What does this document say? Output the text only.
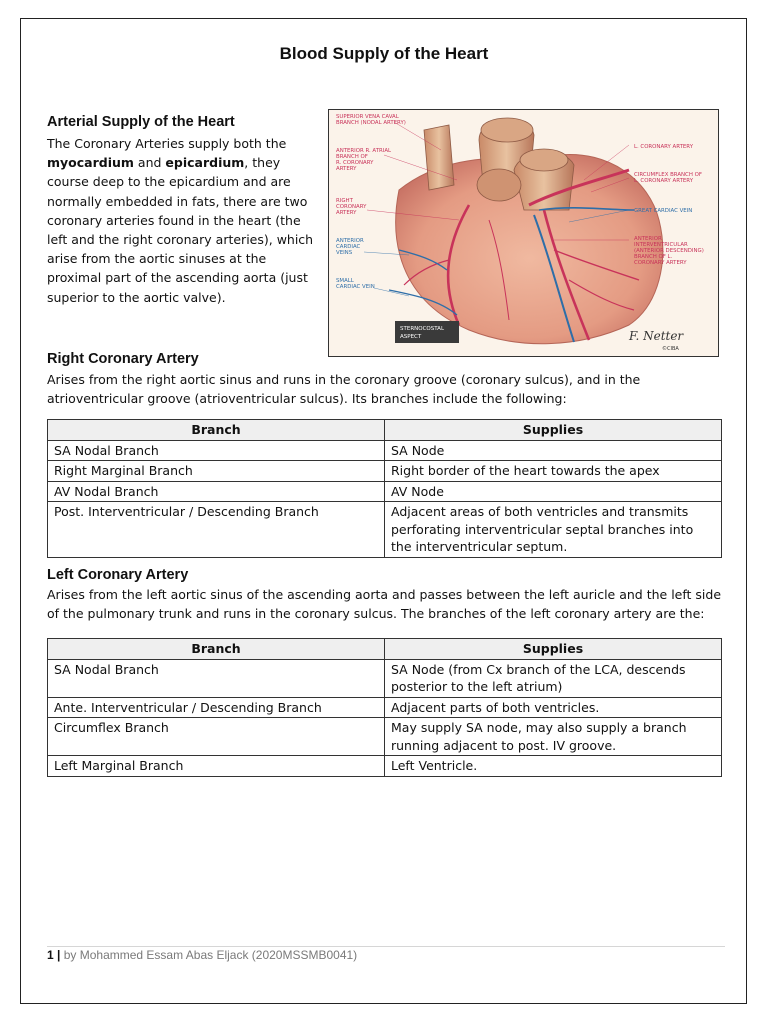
Blood Supply of the Heart
Arterial Supply of the Heart

The Coronary Arteries supply both the
myocardium and epicardium, they course deep to the epicardium and are normally embedded in fats, there are two coronary arteries found in the heart (the left and the right coronary arteries), which arise from the aortic sinuses at the proximal part of the ascending aorta (just superior to the aortic valve).

SUPERIOR VENA CAVAL
BRANCH (NODAL ARTERY)
ANTERIOR R. ATRIAL
BRANCH OF
R. CORONARY
ARTERY
RIGHT
CORONARY
ARTERY
ANTERIOR
CARDIAC
VEINS
SMALL
CARDIAC VEIN
L. CORONARY ARTERY
CIRCUMFLEX BRANCH OF
L. CORONARY ARTERY
GREAT CARDIAC VEIN
ANTERIOR
INTERVENTRICULAR
(ANTERIOR DESCENDING)
BRANCH OF L.
CORONARY ARTERY
STERNOCOSTAL
ASPECT	F. Netter
©CIBA
Right Coronary Artery

Arises from the right aortic sinus and runs in the coronary groove (coronary sulcus), and in the atrioventricular groove (atrioventricular sulcus). Its branches include the following:

Branch	Supplies
SA Nodal Branch	SA Node
Right Marginal Branch	Right border of the heart towards the apex
AV Nodal Branch	AV Node
Post. Interventricular / Descending Branch	Adjacent areas of both ventricles and transmits perforating interventricular septal branches into the interventricular septum.
Left Coronary Artery

Arises from the left aortic sinus of the ascending aorta and passes between the left auricle and the left side of the pulmonary trunk and runs in the coronary sulcus. The branches of the left coronary artery are the:

Branch	Supplies
SA Nodal Branch	SA Node (from Cx branch of the LCA, descends posterior to the left atrium)
Ante. Interventricular / Descending Branch	Adjacent parts of both ventricles.
Circumflex Branch	May supply SA node, may also supply a branch running adjacent to post. IV groove.
Left Marginal Branch	Left Ventricle.
1 | by Mohammed Essam Abas Eljack (2020MSSMB0041)
